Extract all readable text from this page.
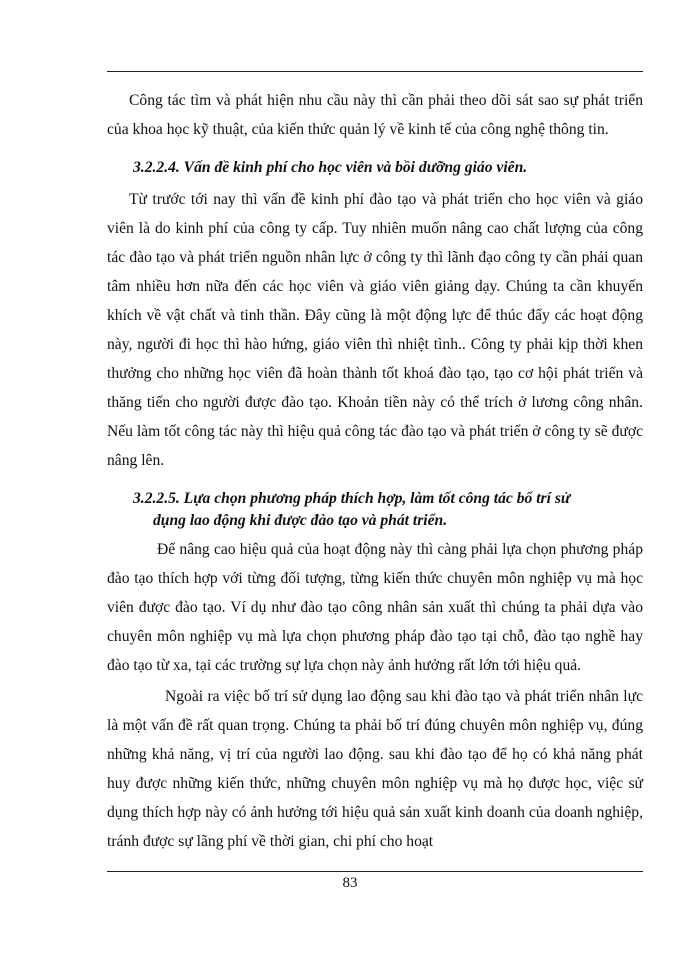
Công tác tìm và phát hiện nhu cầu này thì cần phải theo dõi sát sao sự phát triển của khoa học kỹ thuật, của kiến thức quản lý về kinh tế của công nghệ thông tin.

3.2.2.4. Vấn đề kinh phí cho học viên và bồi dưỡng giáo viên.

Từ trước tới nay thì vấn đề kinh phí đào tạo và phát triển cho học viên và giáo viên là do kinh phí của công ty cấp. Tuy nhiên muốn nâng cao chất lượng của công tác đào tạo và phát triển nguồn nhân lực ở công ty thì lãnh đạo công ty cần phải quan tâm nhiều hơn nữa đến các học viên và giáo viên giảng dạy. Chúng ta cần khuyến khích về vật chất và tinh thần. Đây cũng là một động lực để thúc đẩy các hoạt động này, người đi học thì hào hứng, giáo viên thì nhiệt tình.. Công ty phải kịp thời khen thưởng cho những học viên đã hoàn thành tốt khoá đào tạo, tạo cơ hội phát triển và thăng tiến cho người được đào tạo. Khoản tiền này có thể trích ở lương công nhân. Nếu làm tốt công tác này thì hiệu quả công tác đào tạo và phát triển ở công ty sẽ được nâng lên.

3.2.2.5. Lựa chọn phương pháp thích hợp, làm tốt công tác bố trí sử
dụng lao động khi được đào tạo và phát triển.

Để nâng cao hiệu quả của hoạt động này thì càng phải lựa chọn phương pháp đào tạo thích hợp với từng đối tượng, từng kiến thức chuyên môn nghiệp vụ mà học viên được đào tạo. Ví dụ như đào tạo công nhân sản xuất thì chúng ta phải dựa vào chuyên môn nghiệp vụ mà lựa chọn phương pháp đào tạo tại chỗ, đào tạo nghề hay đào tạo từ xa, tại các trường sự lựa chọn này ảnh hưởng rất lớn tới hiệu quả.

Ngoài ra việc bố trí sử dụng lao động sau khi đào tạo và phát triển nhân lực là một vấn đề rất quan trọng. Chúng ta phải bố trí đúng chuyên môn nghiệp vụ, đúng những khả năng, vị trí của người lao động. sau khi đào tạo để họ có khả năng phát huy được những kiến thức, những chuyên môn nghiệp vụ mà họ được học, việc sử dụng thích hợp này có ảnh hưởng tới hiệu quả sản xuất kinh doanh của doanh nghiệp, tránh được sự lãng phí về thời gian, chi phí cho hoạt

83
